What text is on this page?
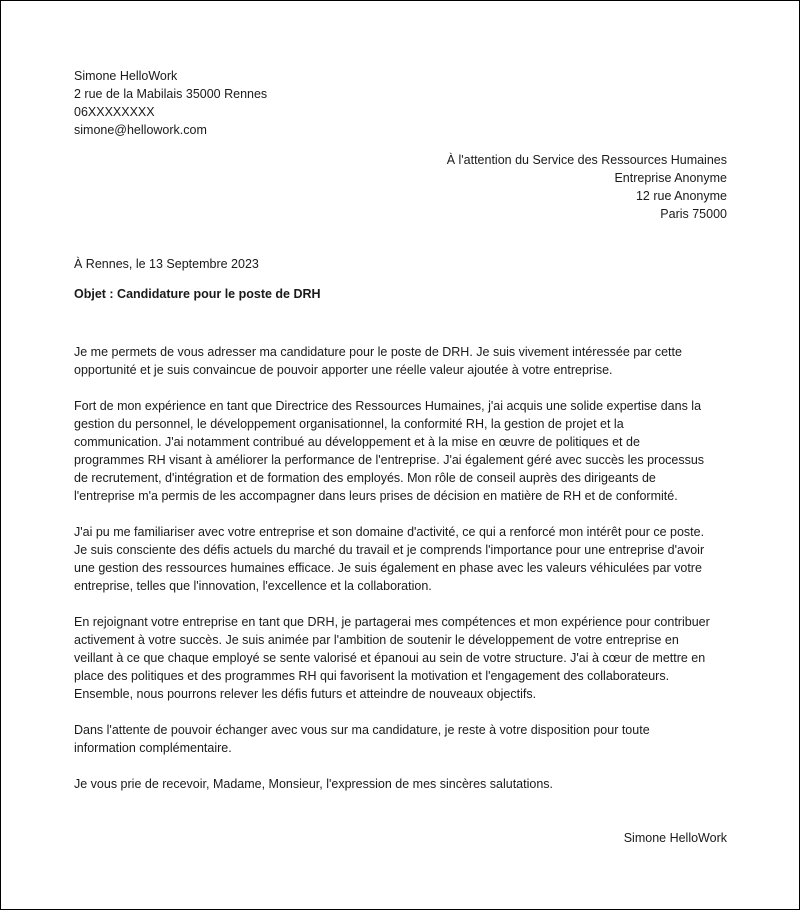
Simone HelloWork
2 rue de la Mabilais 35000 Rennes
06XXXXXXXX
simone@hellowork.com
À l'attention du Service des Ressources Humaines
Entreprise Anonyme
12 rue Anonyme
Paris 75000
À Rennes, le 13 Septembre 2023
Objet : Candidature pour le poste de DRH
Je me permets de vous adresser ma candidature pour le poste de DRH. Je suis vivement intéressée par cette
opportunité et je suis convaincue de pouvoir apporter une réelle valeur ajoutée à votre entreprise.
Fort de mon expérience en tant que Directrice des Ressources Humaines, j'ai acquis une solide expertise dans la
gestion du personnel, le développement organisationnel, la conformité RH, la gestion de projet et la
communication. J'ai notamment contribué au développement et à la mise en œuvre de politiques et de
programmes RH visant à améliorer la performance de l'entreprise. J'ai également géré avec succès les processus
de recrutement, d'intégration et de formation des employés. Mon rôle de conseil auprès des dirigeants de
l'entreprise m'a permis de les accompagner dans leurs prises de décision en matière de RH et de conformité.
J'ai pu me familiariser avec votre entreprise et son domaine d'activité, ce qui a renforcé mon intérêt pour ce poste.
Je suis consciente des défis actuels du marché du travail et je comprends l'importance pour une entreprise d'avoir
une gestion des ressources humaines efficace. Je suis également en phase avec les valeurs véhiculées par votre
entreprise, telles que l'innovation, l'excellence et la collaboration.
En rejoignant votre entreprise en tant que DRH, je partagerai mes compétences et mon expérience pour contribuer
activement à votre succès. Je suis animée par l'ambition de soutenir le développement de votre entreprise en
veillant à ce que chaque employé se sente valorisé et épanoui au sein de votre structure. J'ai à cœur de mettre en
place des politiques et des programmes RH qui favorisent la motivation et l'engagement des collaborateurs.
Ensemble, nous pourrons relever les défis futurs et atteindre de nouveaux objectifs.
Dans l'attente de pouvoir échanger avec vous sur ma candidature, je reste à votre disposition pour toute
information complémentaire.

Je vous prie de recevoir, Madame, Monsieur, l'expression de mes sincères salutations.

Simone HelloWork
